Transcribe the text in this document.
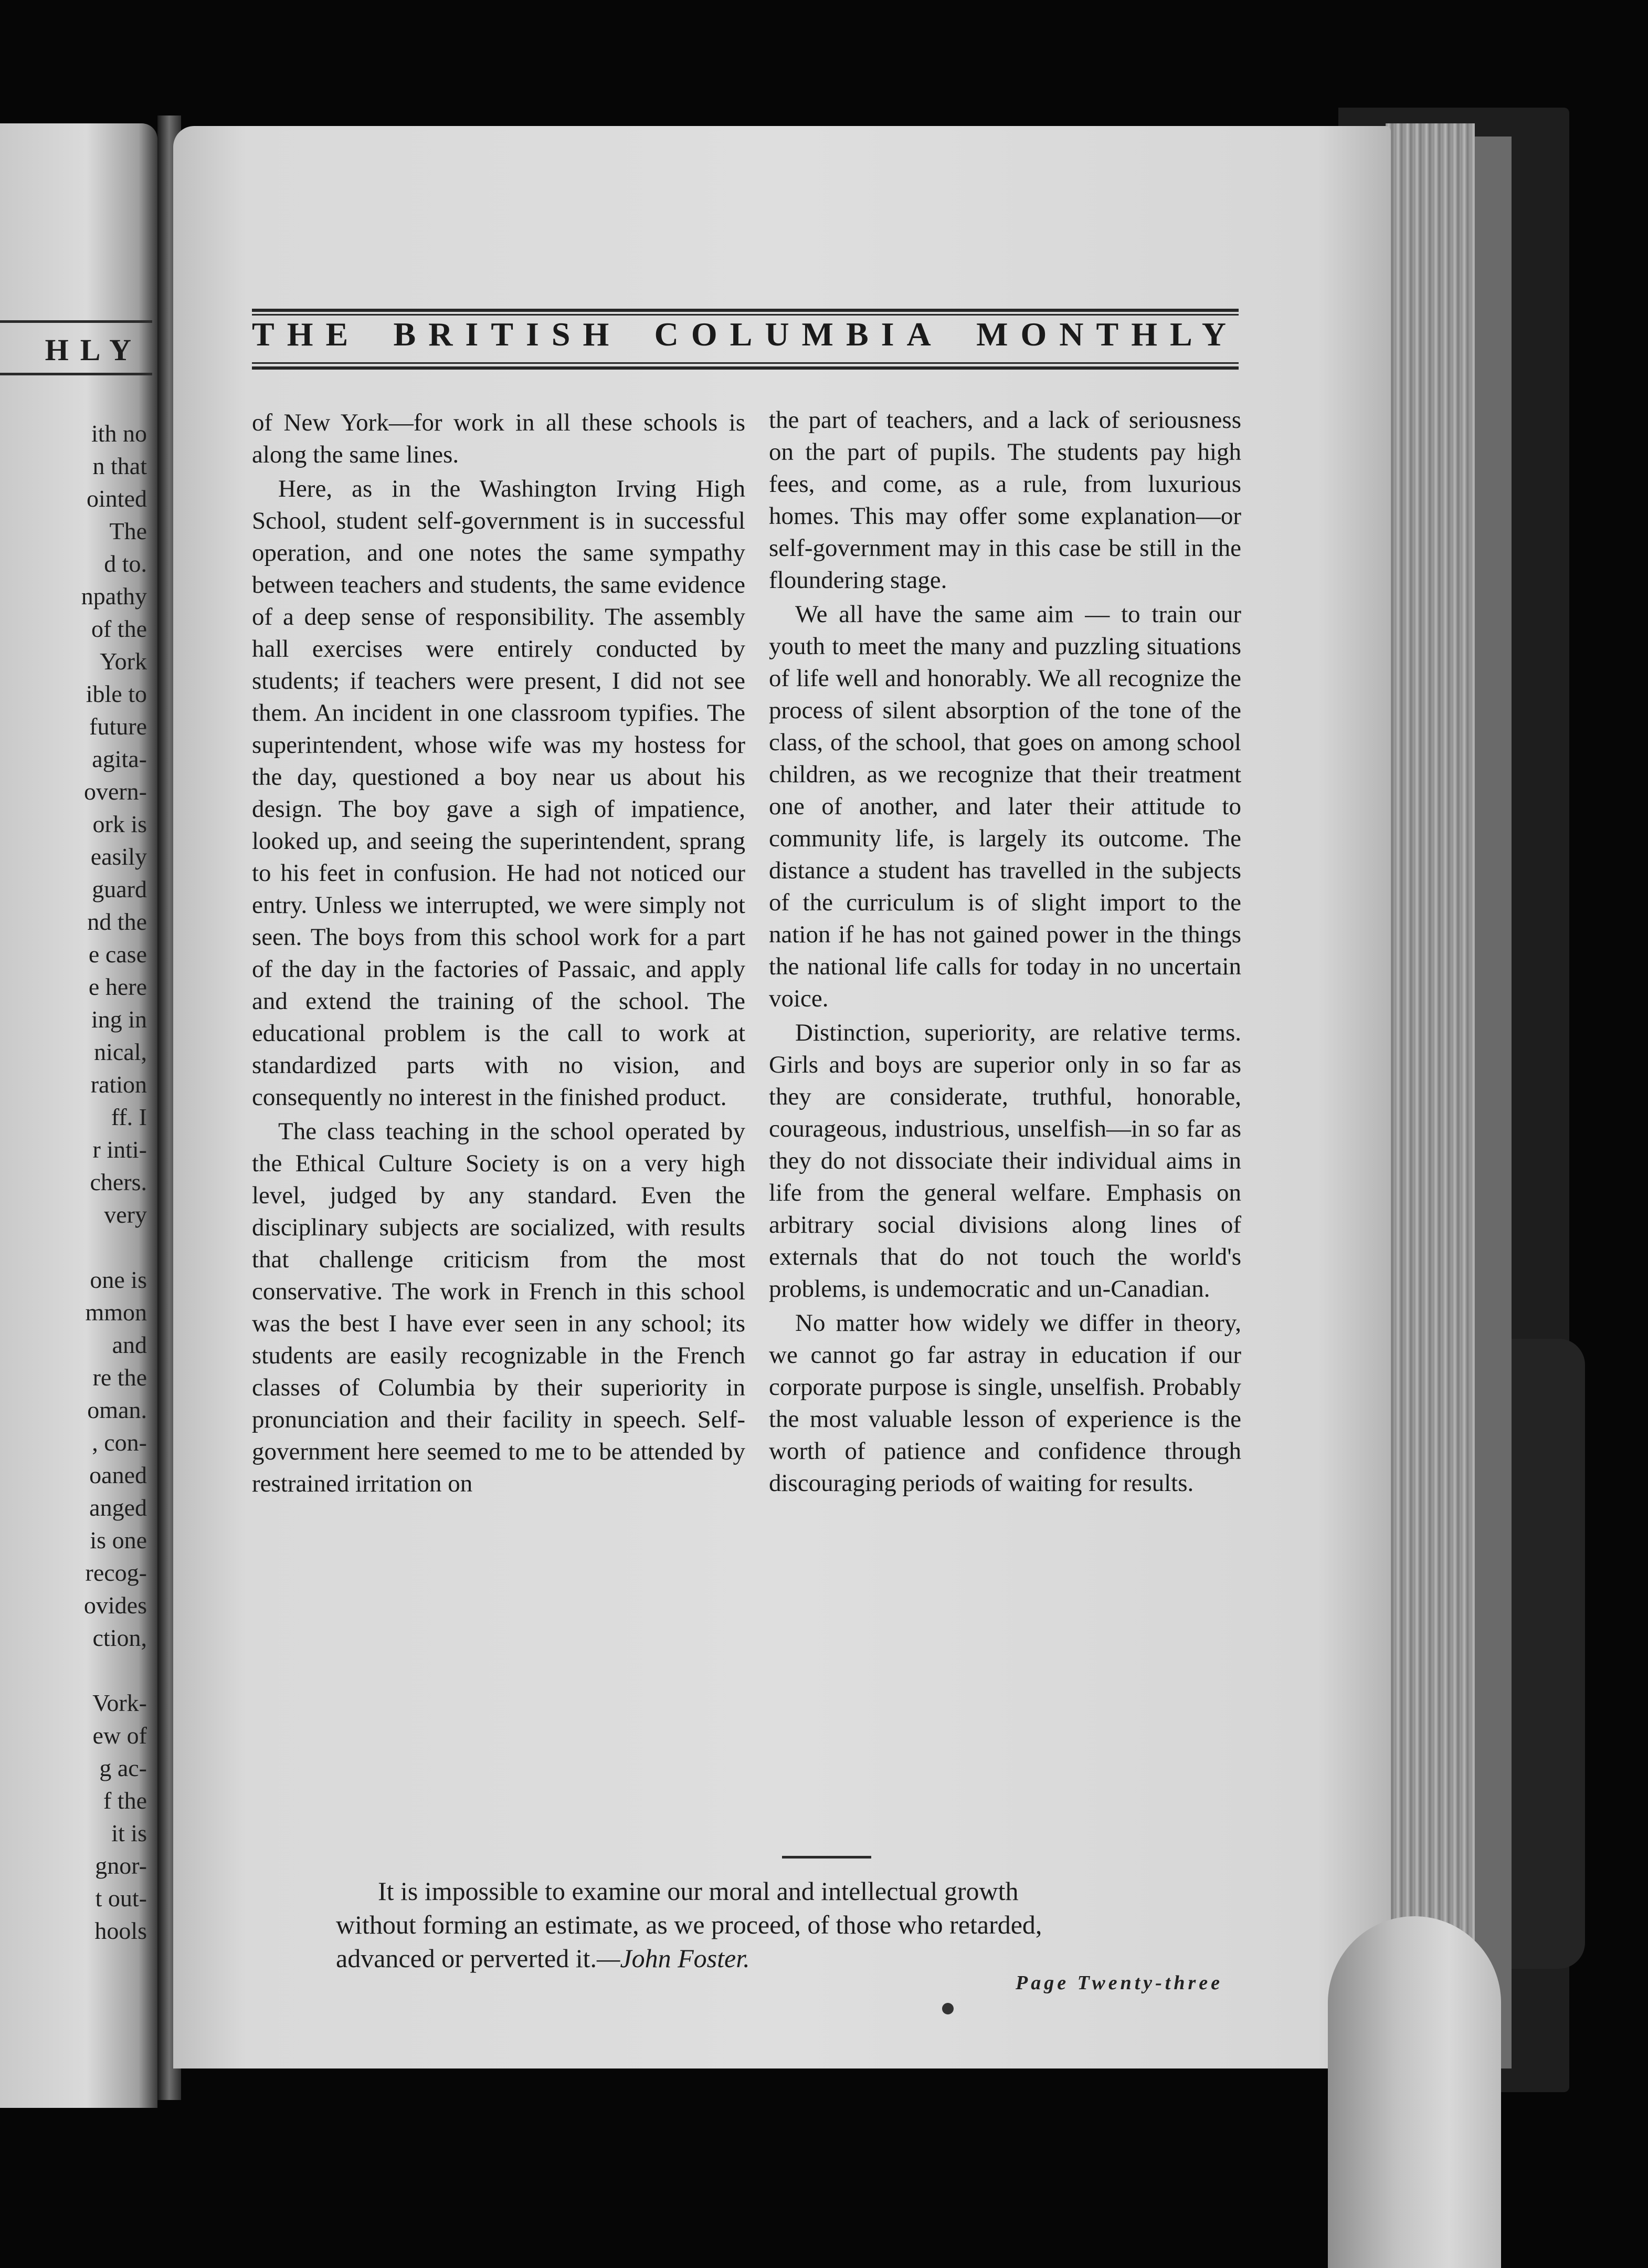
HLY
ith no
n that
ointed
The
d to.
npathy
of the
York
ible to
future
agita-
overn-
ork is
easily
guard
nd the
e case
e here
ing in
nical,
ration
ff. I
r inti-
chers.
very
one is
mmon
and
re the
oman.
, con-
oaned
anged
is one
recog-
ovides
ction,
Vork-
ew of
g ac-
f the
it is
gnor-
t out-
hools
THE BRITISH COLUMBIA MONTHLY

of New York—for work in all these schools is along the same lines.

Here, as in the Washington Irving High School, student self-government is in successful operation, and one notes the same sympathy between teachers and students, the same evidence of a deep sense of responsibility. The assembly hall exercises were entirely conducted by students; if teachers were present, I did not see them. An incident in one classroom typifies. The superintendent, whose wife was my hostess for the day, questioned a boy near us about his design. The boy gave a sigh of impatience, looked up, and seeing the superintendent, sprang to his feet in confusion. He had not noticed our entry. Unless we interrupted, we were simply not seen. The boys from this school work for a part of the day in the factories of Passaic, and apply and extend the training of the school. The educational problem is the call to work at standardized parts with no vision, and consequently no interest in the finished product.

The class teaching in the school operated by the Ethical Culture Society is on a very high level, judged by any standard. Even the disciplinary subjects are socialized, with results that challenge criticism from the most conservative. The work in French in this school was the best I have ever seen in any school; its students are easily recognizable in the French classes of Columbia by their superiority in pronunciation and their facility in speech. Self-government here seemed to me to be attended by restrained irritation on

the part of teachers, and a lack of seriousness on the part of pupils. The students pay high fees, and come, as a rule, from luxurious homes. This may offer some explanation—or self-government may in this case be still in the floundering stage.

We all have the same aim — to train our youth to meet the many and puzzling situations of life well and honorably. We all recognize the process of silent absorption of the tone of the class, of the school, that goes on among school children, as we recognize that their treatment one of another, and later their attitude to community life, is largely its outcome. The distance a student has travelled in the subjects of the curriculum is of slight import to the nation if he has not gained power in the things the national life calls for today in no uncertain voice.

Distinction, superiority, are relative terms. Girls and boys are superior only in so far as they are considerate, truthful, honorable, courageous, industrious, unselfish—in so far as they do not dissociate their individual aims in life from the general welfare. Emphasis on arbitrary social divisions along lines of externals that do not touch the world's problems, is undemocratic and un-Canadian.

No matter how widely we differ in theory, we cannot go far astray in education if our corporate purpose is single, unselfish. Probably the most valuable lesson of experience is the worth of patience and confidence through discouraging periods of waiting for results.

It is impossible to examine our moral and intellectual growth
without forming an estimate, as we proceed, of those who retarded,
advanced or perverted it.—John Foster.
Page Twenty-three
